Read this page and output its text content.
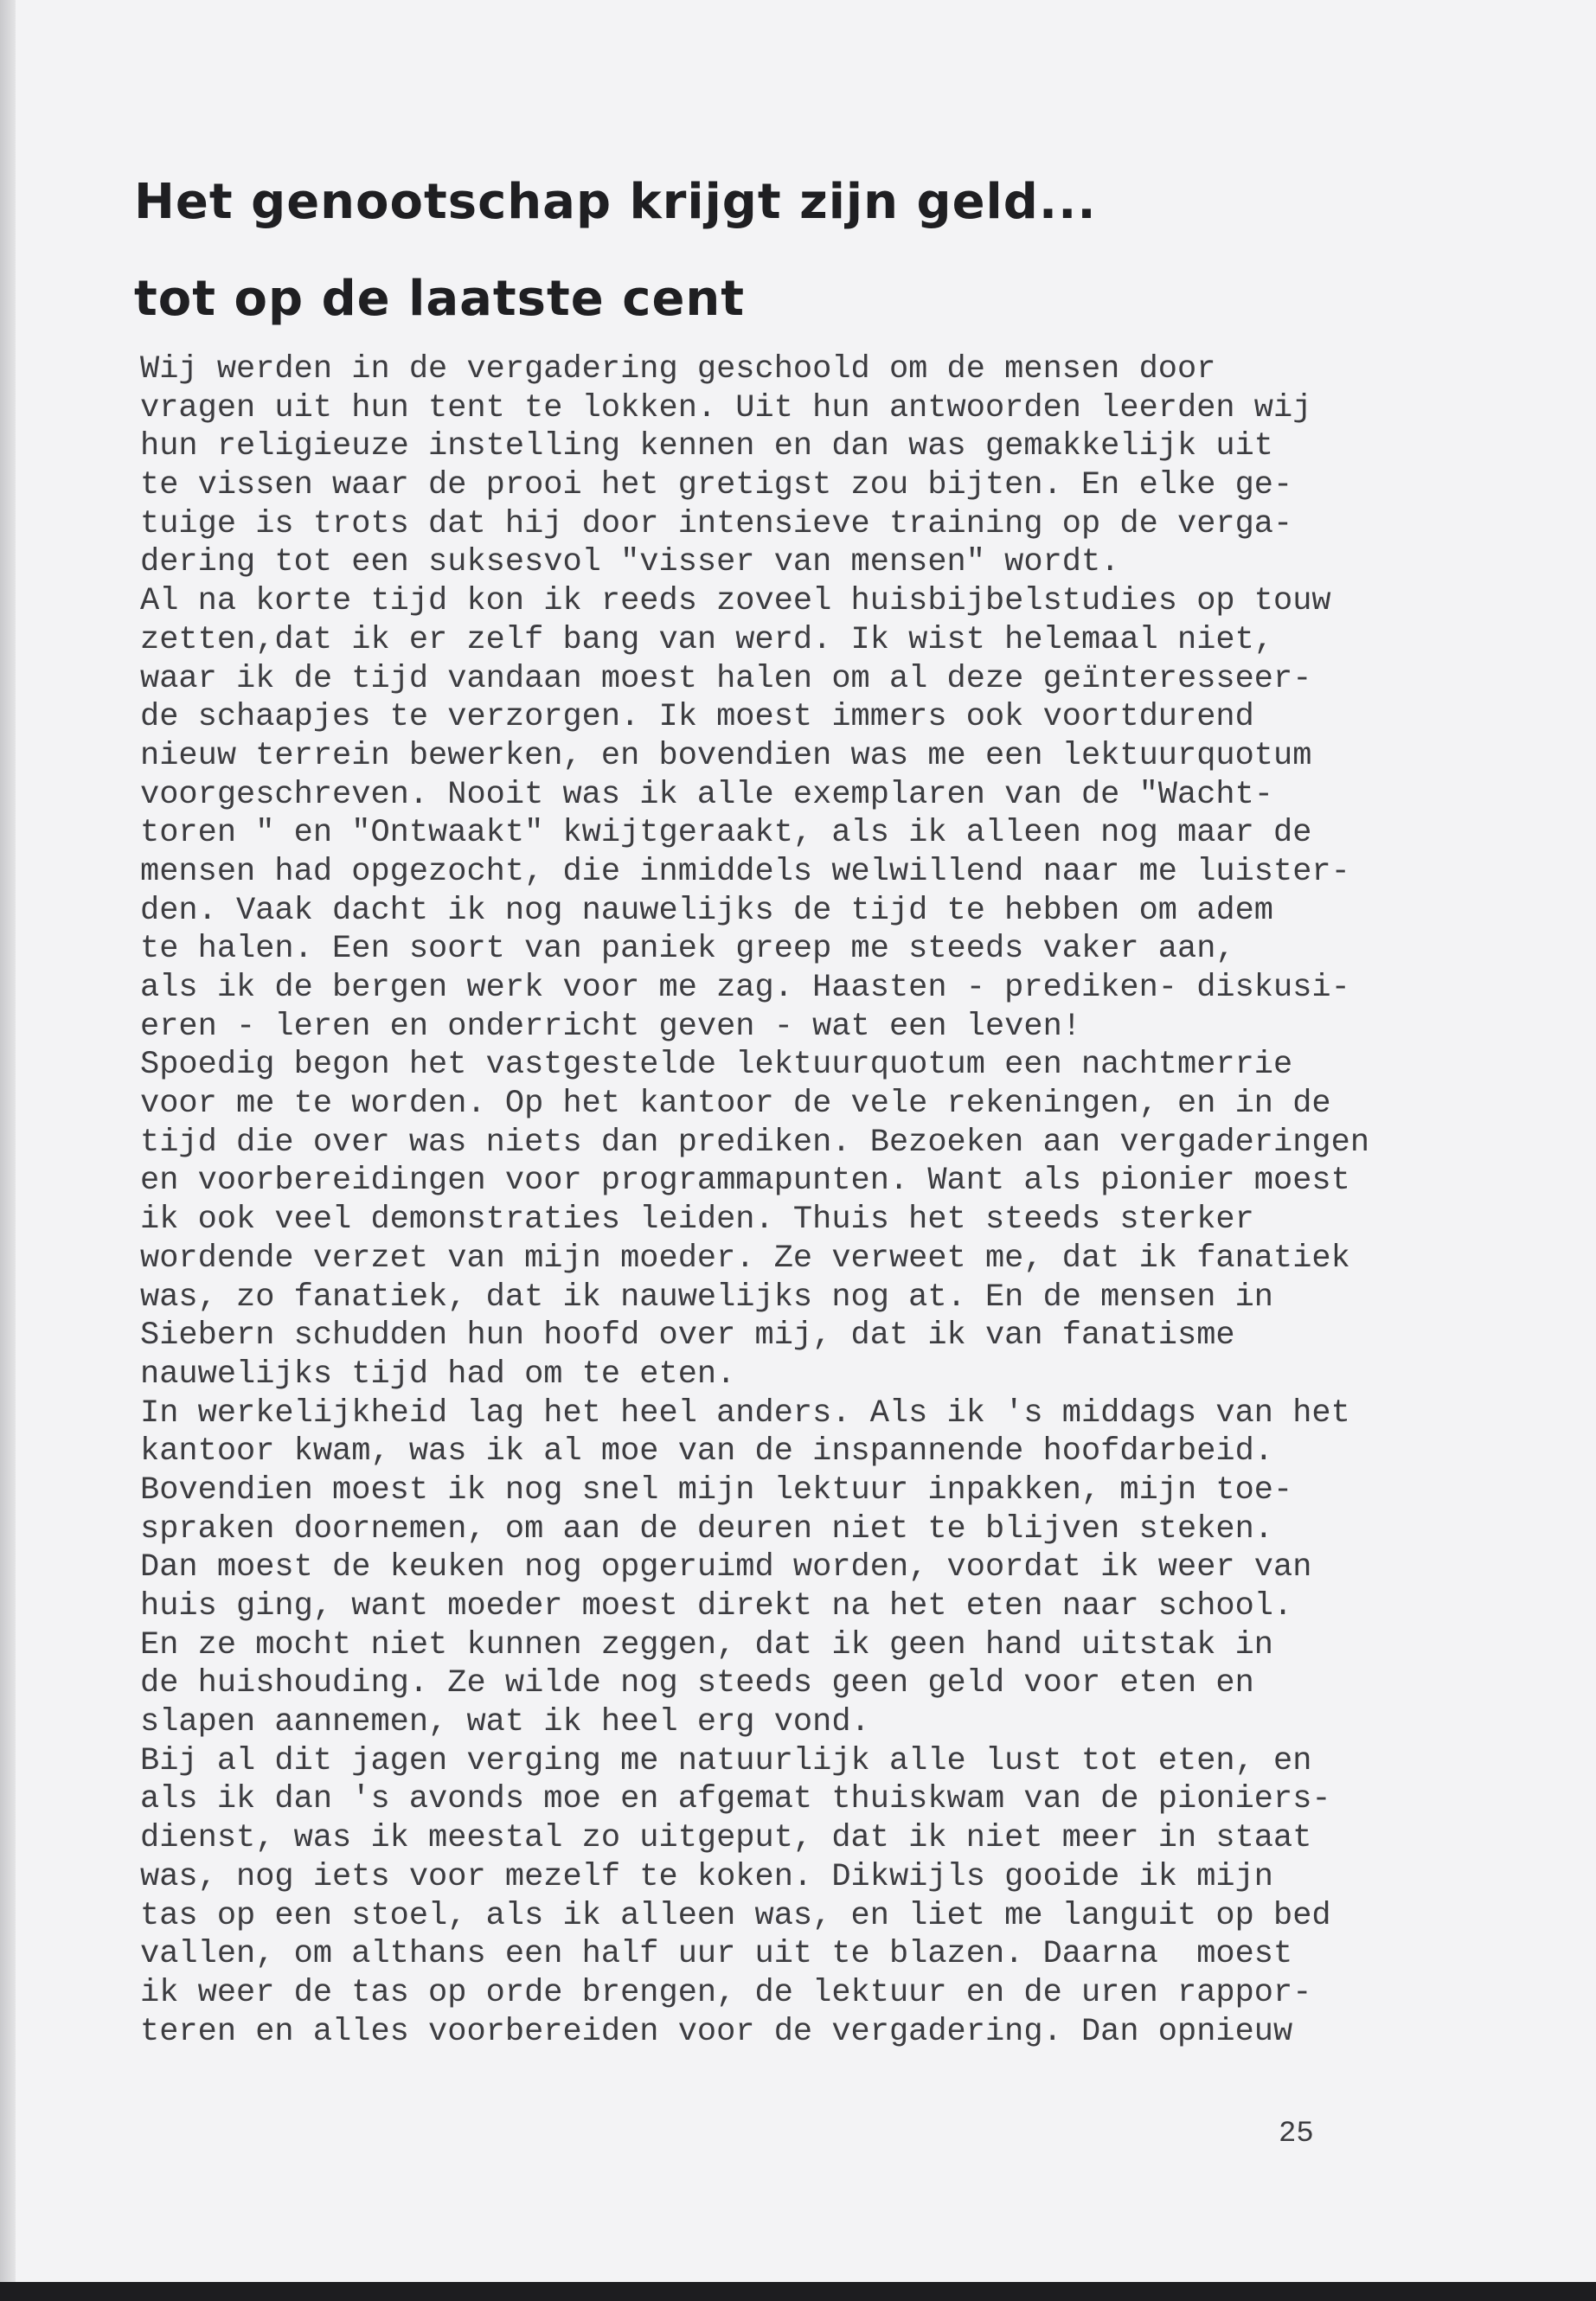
Het genootschap krijgt zijn geld...
tot op de laatste cent
Wij werden in de vergadering geschoold om de mensen door
vragen uit hun tent te lokken. Uit hun antwoorden leerden wij
hun religieuze instelling kennen en dan was gemakkelijk uit
te vissen waar de prooi het gretigst zou bijten. En elke ge-
tuige is trots dat hij door intensieve training op de verga-
dering tot een suksesvol "visser van mensen" wordt.
Al na korte tijd kon ik reeds zoveel huisbijbelstudies op touw
zetten,dat ik er zelf bang van werd. Ik wist helemaal niet,
waar ik de tijd vandaan moest halen om al deze geïnteresseer-
de schaapjes te verzorgen. Ik moest immers ook voortdurend
nieuw terrein bewerken, en bovendien was me een lektuurquotum
voorgeschreven. Nooit was ik alle exemplaren van de "Wacht-
toren " en "Ontwaakt" kwijtgeraakt, als ik alleen nog maar de
mensen had opgezocht, die inmiddels welwillend naar me luister-
den. Vaak dacht ik nog nauwelijks de tijd te hebben om adem
te halen. Een soort van paniek greep me steeds vaker aan,
als ik de bergen werk voor me zag. Haasten - prediken- diskusi-
eren - leren en onderricht geven - wat een leven!
Spoedig begon het vastgestelde lektuurquotum een nachtmerrie
voor me te worden. Op het kantoor de vele rekeningen, en in de
tijd die over was niets dan prediken. Bezoeken aan vergaderingen
en voorbereidingen voor programmapunten. Want als pionier moest
ik ook veel demonstraties leiden. Thuis het steeds sterker
wordende verzet van mijn moeder. Ze verweet me, dat ik fanatiek
was, zo fanatiek, dat ik nauwelijks nog at. En de mensen in
Siebern schudden hun hoofd over mij, dat ik van fanatisme
nauwelijks tijd had om te eten.
In werkelijkheid lag het heel anders. Als ik 's middags van het
kantoor kwam, was ik al moe van de inspannende hoofdarbeid.
Bovendien moest ik nog snel mijn lektuur inpakken, mijn toe-
spraken doornemen, om aan de deuren niet te blijven steken.
Dan moest de keuken nog opgeruimd worden, voordat ik weer van
huis ging, want moeder moest direkt na het eten naar school.
En ze mocht niet kunnen zeggen, dat ik geen hand uitstak in
de huishouding. Ze wilde nog steeds geen geld voor eten en
slapen aannemen, wat ik heel erg vond.
Bij al dit jagen verging me natuurlijk alle lust tot eten, en
als ik dan 's avonds moe en afgemat thuiskwam van de pioniers-
dienst, was ik meestal zo uitgeput, dat ik niet meer in staat
was, nog iets voor mezelf te koken. Dikwijls gooide ik mijn
tas op een stoel, als ik alleen was, en liet me languit op bed
vallen, om althans een half uur uit te blazen. Daarna  moest
ik weer de tas op orde brengen, de lektuur en de uren rappor-
teren en alles voorbereiden voor de vergadering. Dan opnieuw
25
